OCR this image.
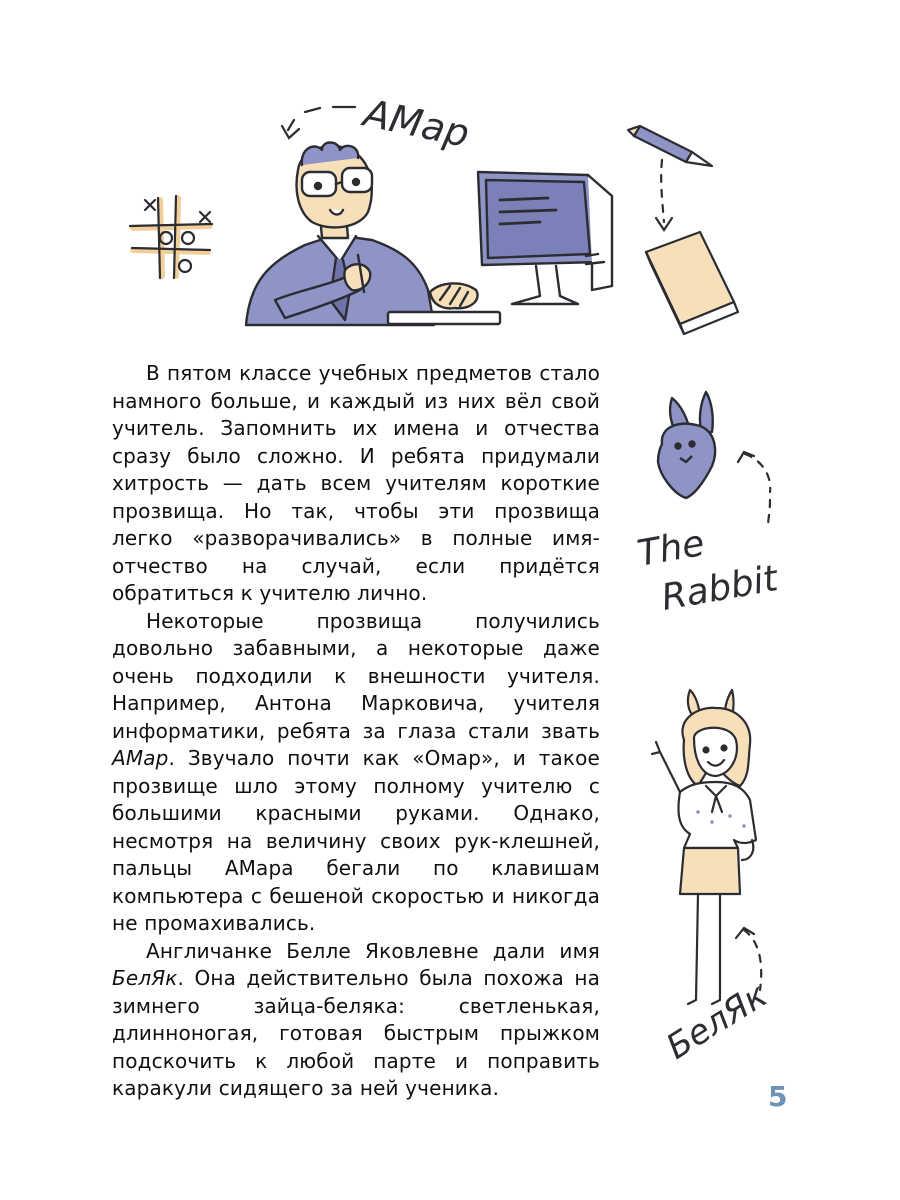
АМар
The
Rabbit
БелЯк

В пятом классе учебных предметов стало намного больше, и каждый из них вёл свой учитель. Запомнить их имена и отчества сразу было сложно. И ребята придумали хитрость — дать всем учителям короткие прозвища. Но так, чтобы эти прозвища легко «разворачивались» в полные имя-отчество на случай, если придётся обратиться к учителю лично.

Некоторые прозвища получились довольно забавными, а некоторые даже очень подходили к внешности учителя. Например, Антона Марковича, учителя информатики, ребята за глаза стали звать АМар. Звучало почти как «Омар», и такое прозвище шло этому полному учителю с большими красными руками. Однако, несмотря на величину своих рук-клешней, пальцы АМара бегали по клавишам компьютера с бешеной скоростью и никогда не промахивались.

Англичанке Белле Яковлевне дали имя БелЯк. Она действительно была похожа на зимнего зайца-беляка: светленькая, длинноногая, готовая быстрым прыжком подскочить к любой парте и поправить каракули сидящего за ней ученика.	5
